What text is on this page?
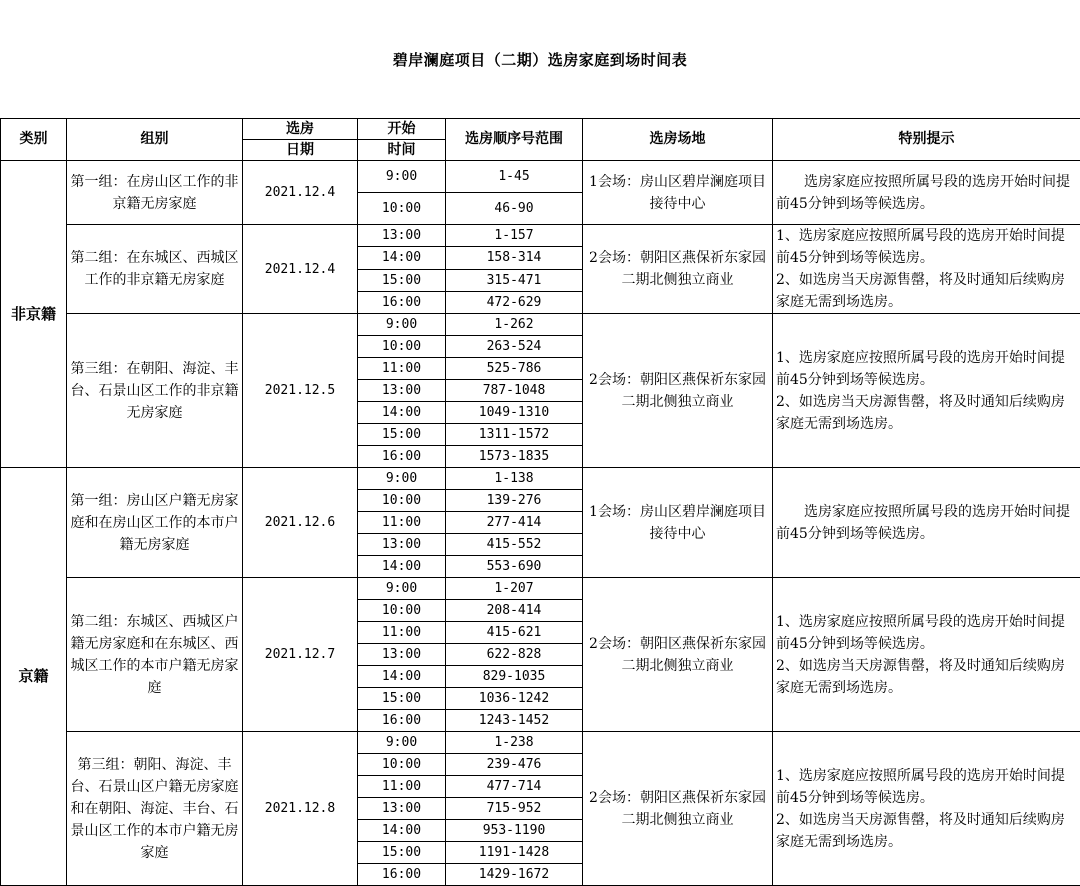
碧岸澜庭项目（二期）选房家庭到场时间表
类别	组别	选房	开始	选房顺序号范围	选房场地	特别提示
		日期	时间			
非京籍	第一组：在房山区工作的非京籍无房家庭	2021.12.4	9:00	1-45	1会场：房山区碧岸澜庭项目接待中心	　　选房家庭应按照所属号段的选房开始时间提前45分钟到场等候选房。

			10:00	46-90		
	第二组：在东城区、西城区工作的非京籍无房家庭	2021.12.4	13:00	1-157	2会场：朝阳区燕保祈东家园二期北侧独立商业	1、选房家庭应按照所属号段的选房开始时间提前45分钟到场等候选房。
2、如选房当天房源售罄，将及时通知后续购房家庭无需到场选房。

			14:00	158-314		
			15:00	315-471		
			16:00	472-629		
	第三组：在朝阳、海淀、丰台、石景山区工作的非京籍无房家庭	2021.12.5	9:00	1-262	2会场：朝阳区燕保祈东家园二期北侧独立商业	1、选房家庭应按照所属号段的选房开始时间提前45分钟到场等候选房。
2、如选房当天房源售罄，将及时通知后续购房家庭无需到场选房。

			10:00	263-524		
			11:00	525-786		
			13:00	787-1048		
			14:00	1049-1310		
			15:00	1311-1572		
			16:00	1573-1835		
京籍	第一组：房山区户籍无房家庭和在房山区工作的本市户籍无房家庭	2021.12.6	9:00	1-138	1会场：房山区碧岸澜庭项目接待中心	　　选房家庭应按照所属号段的选房开始时间提前45分钟到场等候选房。

			10:00	139-276		
			11:00	277-414		
			13:00	415-552		
			14:00	553-690		
	第二组：东城区、西城区户籍无房家庭和在东城区、西城区工作的本市户籍无房家庭	2021.12.7	9:00	1-207	2会场：朝阳区燕保祈东家园二期北侧独立商业	1、选房家庭应按照所属号段的选房开始时间提前45分钟到场等候选房。
2、如选房当天房源售罄，将及时通知后续购房家庭无需到场选房。

			10:00	208-414		
			11:00	415-621		
			13:00	622-828		
			14:00	829-1035		
			15:00	1036-1242		
			16:00	1243-1452		
	第三组：朝阳、海淀、丰台、石景山区户籍无房家庭和在朝阳、海淀、丰台、石景山区工作的本市户籍无房家庭	2021.12.8	9:00	1-238	2会场：朝阳区燕保祈东家园二期北侧独立商业	1、选房家庭应按照所属号段的选房开始时间提前45分钟到场等候选房。
2、如选房当天房源售罄，将及时通知后续购房家庭无需到场选房。

			10:00	239-476		
			11:00	477-714		
			13:00	715-952		
			14:00	953-1190		
			15:00	1191-1428		
			16:00	1429-1672		
